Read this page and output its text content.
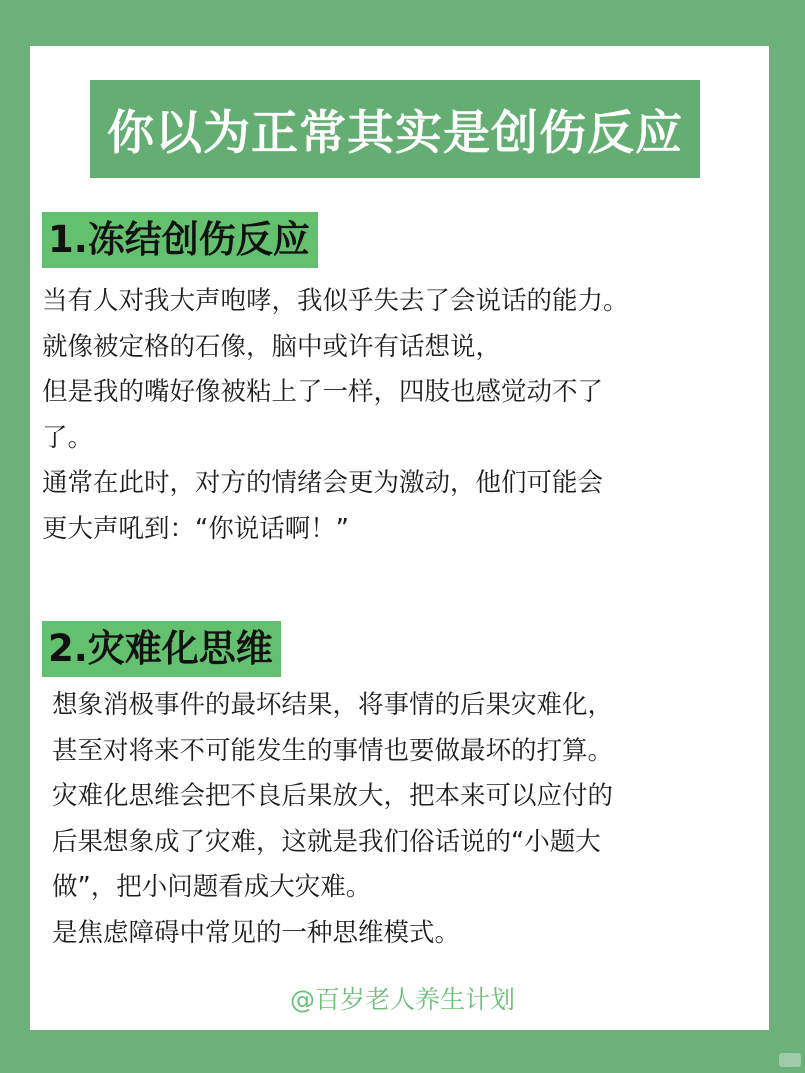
你以为正常其实是创伤反应
1.冻结创伤反应
当有人对我大声咆哮，我似乎失去了会说话的能力。
就像被定格的石像，脑中或许有话想说，
但是我的嘴好像被粘上了一样，四肢也感觉动不了
了。
通常在此时，对方的情绪会更为激动，他们可能会
更大声吼到：“你说话啊！”
2.灾难化思维
想象消极事件的最坏结果，将事情的后果灾难化，
甚至对将来不可能发生的事情也要做最坏的打算。
灾难化思维会把不良后果放大，把本来可以应付的
后果想象成了灾难，这就是我们俗话说的“小题大
做”，把小问题看成大灾难。
是焦虑障碍中常见的一种思维模式。
@百岁老人养生计划
